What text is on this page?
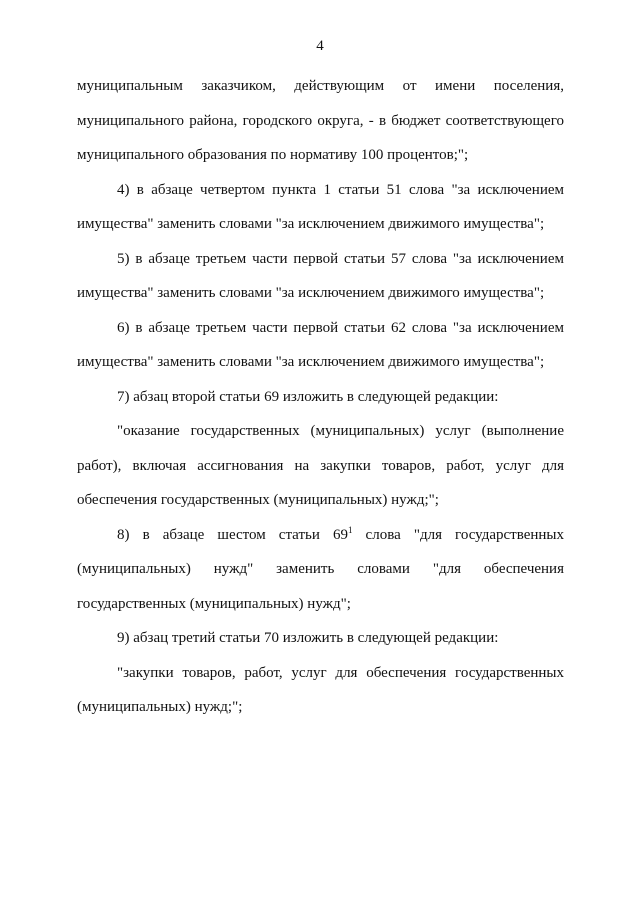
4

муниципальным заказчиком, действующим от имени поселения, муниципального района, городского округа, - в бюджет соответствующего муниципального образования по нормативу 100 процентов;";

4) в абзаце четвертом пункта 1 статьи 51 слова "за исключением имущества" заменить словами "за исключением движимого имущества";

5) в абзаце третьем части первой статьи 57 слова "за исключением имущества" заменить словами "за исключением движимого имущества";

6) в абзаце третьем части первой статьи 62 слова "за исключением имущества" заменить словами "за исключением движимого имущества";

7) абзац второй статьи 69 изложить в следующей редакции:

"оказание государственных (муниципальных) услуг (выполнение работ), включая ассигнования на закупки товаров, работ, услуг для обеспечения государственных (муниципальных) нужд;";

8) в абзаце шестом статьи $69^1$ слова "для государственных (муниципальных) нужд" заменить словами "для обеспечения государственных (муниципальных) нужд";

9) абзац третий статьи 70 изложить в следующей редакции:

"закупки товаров, работ, услуг для обеспечения государственных (муниципальных) нужд;";
